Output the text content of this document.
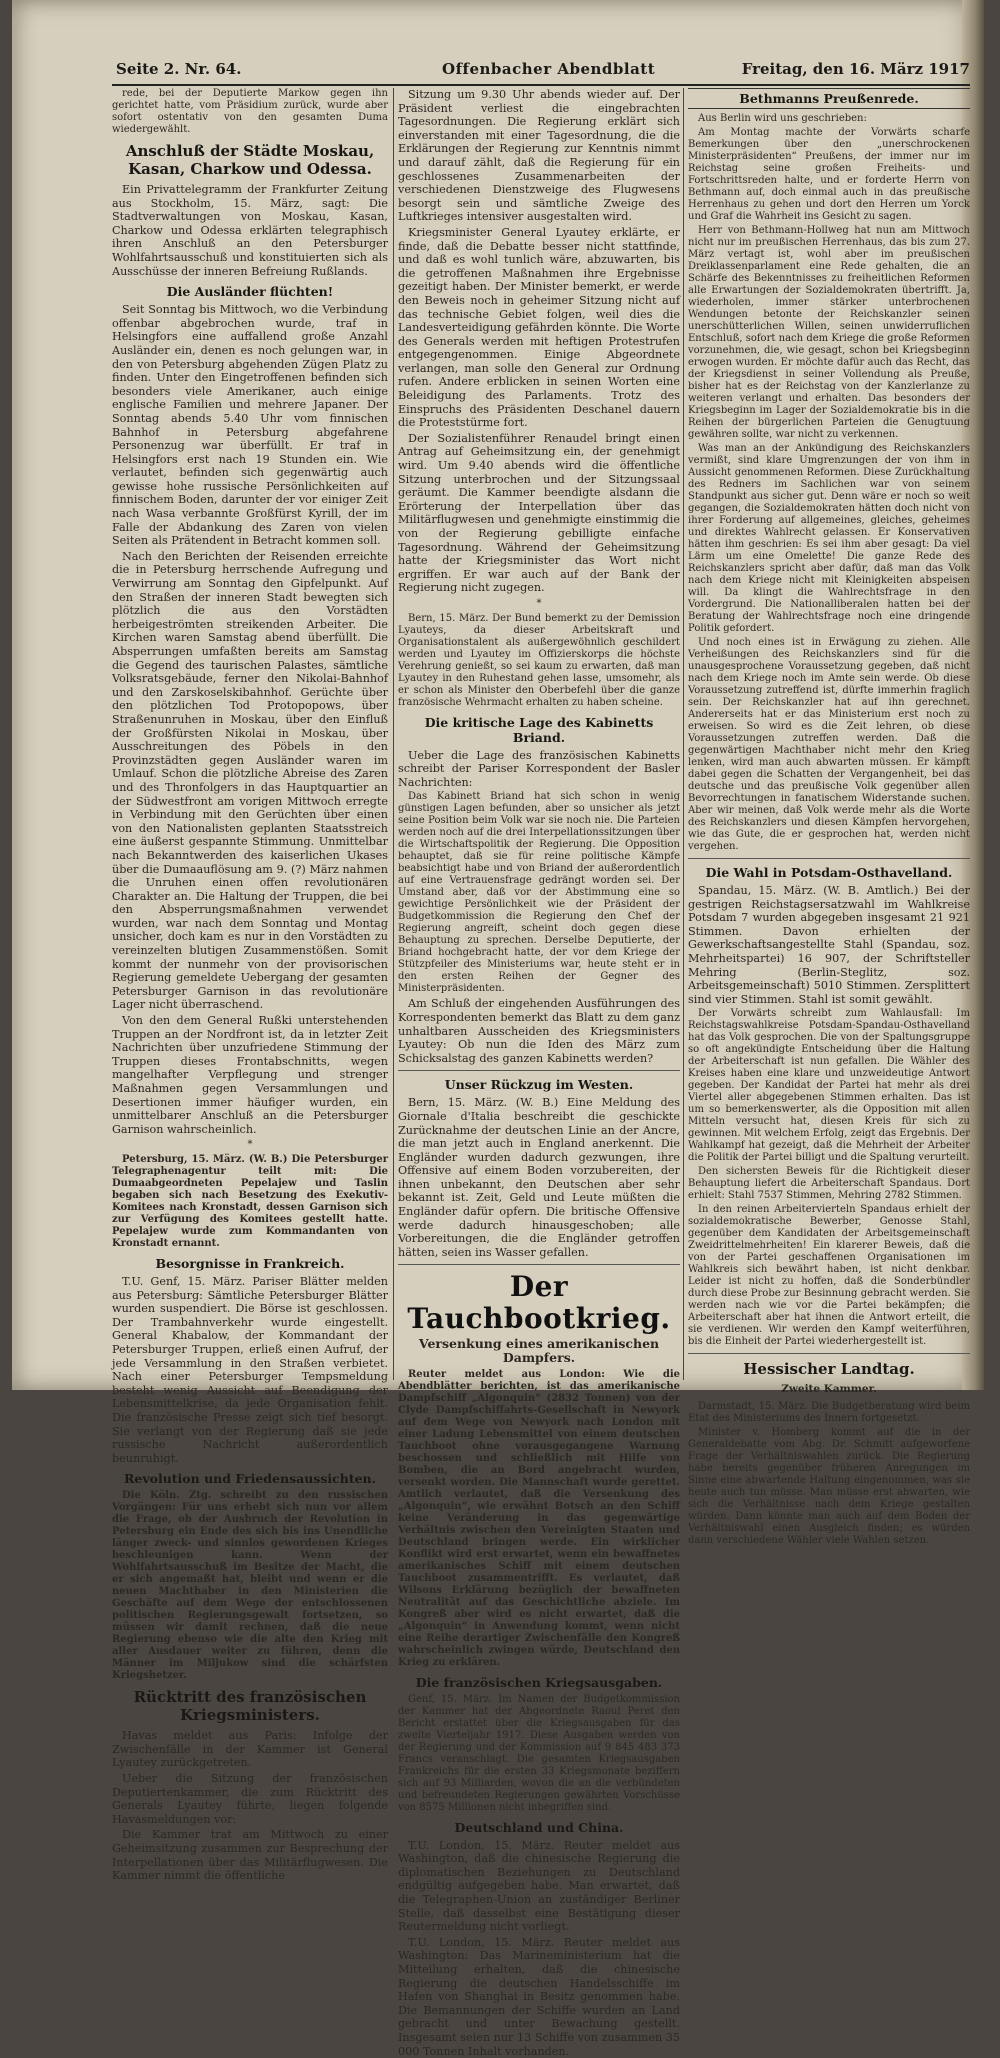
Seite 2. Nr. 64.	Offenbacher Abendblatt	Freitag, den 16. März 1917

rede, bei der Deputierte Markow gegen ihn gerichtet hatte, vom Präsidium zurück, wurde aber sofort ostentativ von den gesamten Duma wiedergewählt.

Anschluß der Städte Moskau, Kasan, Charkow und Odessa.

Ein Privattelegramm der Frankfurter Zeitung aus Stockholm, 15. März, sagt: Die Stadtverwaltungen von Moskau, Kasan, Charkow und Odessa erklärten telegraphisch ihren Anschluß an den Petersburger Wohlfahrtsausschuß und konstituierten sich als Ausschüsse der inneren Befreiung Rußlands.

Die Ausländer flüchten!

Seit Sonntag bis Mittwoch, wo die Verbindung offenbar abgebrochen wurde, traf in Helsingfors eine auffallend große Anzahl Ausländer ein, denen es noch gelungen war, in den von Petersburg abgehenden Zügen Platz zu finden. Unter den Eingetroffenen befinden sich besonders viele Amerikaner, auch einige englische Familien und mehrere Japaner. Der Sonntag abends 5.40 Uhr vom finnischen Bahnhof in Petersburg abgefahrene Personenzug war überfüllt. Er traf in Helsingfors erst nach 19 Stunden ein. Wie verlautet, befinden sich gegenwärtig auch gewisse hohe russische Persönlichkeiten auf finnischem Boden, darunter der vor einiger Zeit nach Wasa verbannte Großfürst Kyrill, der im Falle der Abdankung des Zaren von vielen Seiten als Prätendent in Betracht kommen soll.

Nach den Berichten der Reisenden erreichte die in Petersburg herrschende Aufregung und Verwirrung am Sonntag den Gipfelpunkt. Auf den Straßen der inneren Stadt bewegten sich plötzlich die aus den Vorstädten herbeigeströmten streikenden Arbeiter. Die Kirchen waren Samstag abend überfüllt. Die Absperrungen umfaßten bereits am Samstag die Gegend des taurischen Palastes, sämtliche Volksratsgebäude, ferner den Nikolai-Bahnhof und den Zarskoselskibahnhof. Gerüchte über den plötzlichen Tod Protopopows, über Straßenunruhen in Moskau, über den Einfluß der Großfürsten Nikolai in Moskau, über Ausschreitungen des Pöbels in den Provinzstädten gegen Ausländer waren im Umlauf. Schon die plötzliche Abreise des Zaren und des Thronfolgers in das Hauptquartier an der Südwestfront am vorigen Mittwoch erregte in Verbindung mit den Gerüchten über einen von den Nationalisten geplanten Staatsstreich eine äußerst gespannte Stimmung. Unmittelbar nach Bekanntwerden des kaiserlichen Ukases über die Dumaauflösung am 9. (?) März nahmen die Unruhen einen offen revolutionären Charakter an. Die Haltung der Truppen, die bei den Absperrungsmaßnahmen verwendet wurden, war nach dem Sonntag und Montag unsicher, doch kam es nur in den Vorstädten zu vereinzelten blutigen Zusammenstößen. Somit kommt der nunmehr von der provisorischen Regierung gemeldete Uebergang der gesamten Petersburger Garnison in das revolutionäre Lager nicht überraschend.

Von den dem General Rußki unterstehenden Truppen an der Nordfront ist, da in letzter Zeit Nachrichten über unzufriedene Stimmung der Truppen dieses Frontabschnitts, wegen mangelhafter Verpflegung und strenger Maßnahmen gegen Versammlungen und Desertionen immer häufiger wurden, ein unmittelbarer Anschluß an die Petersburger Garnison wahrscheinlich.

*

Petersburg, 15. März. (W. B.) Die Petersburger Telegraphenagentur teilt mit: Die Dumaabgeordneten Pepelajew und Taslin begaben sich nach Besetzung des Exekutiv-Komitees nach Kronstadt, dessen Garnison sich zur Verfügung des Komitees gestellt hatte. Pepelajew wurde zum Kommandanten von Kronstadt ernannt.

Besorgnisse in Frankreich.

T.U. Genf, 15. März. Pariser Blätter melden aus Petersburg: Sämtliche Petersburger Blätter wurden suspendiert. Die Börse ist geschlossen. Der Trambahnverkehr wurde eingestellt. General Khabalow, der Kommandant der Petersburger Truppen, erließ einen Aufruf, der jede Versammlung in den Straßen verbietet. Nach einer Petersburger Tempsmeldung besteht wenig Aussicht auf Beendigung der Lebensmittelkrise, da jede Organisation fehlt. Die französische Presse zeigt sich tief besorgt. Sie verlangt von der Regierung daß sie jede russische Nachricht außerordentlich beunruhigt.

Revolution und Friedensaussichten.

Die Köln. Ztg. schreibt zu den russischen Vorgängen: Für uns erhebt sich nun vor allem die Frage, ob der Ausbruch der Revolution in Petersburg ein Ende des sich bis ins Unendliche länger zweck- und sinnlos gewordenen Krieges beschleunigen kann. Wenn der Wohlfahrtsausschuß im Besitze der Macht, die er sich angemaßt hat, bleibt und wenn er die neuen Machthaber in den Ministerien die Geschäfte auf dem Wege der entschlossenen politischen Regierungsgewalt fortsetzen, so müssen wir damit rechnen, daß die neue Regierung ebenso wie die alte den Krieg mit aller Ausdauer weiter zu führen, denn die Männer im Miljukow sind die schärfsten Kriegshetzer.

Rücktritt des französischen Kriegsministers.

Havas meldet aus Paris: Infolge der Zwischenfälle in der Kammer ist General Lyautey zurückgetreten.

Ueber die Sitzung der französischen Deputiertenkammer, die zum Rücktritt des Generals Lyautey führte, liegen folgende Havasmeldungen vor:

Die Kammer trat am Mittwoch zu einer Geheimsitzung zusammen zur Besprechung der Interpellationen über das Militärflugwesen. Die Kammer nimmt die öffentliche

Sitzung um 9.30 Uhr abends wieder auf. Der Präsident verliest die eingebrachten Tagesordnungen. Die Regierung erklärt sich einverstanden mit einer Tagesordnung, die die Erklärungen der Regierung zur Kenntnis nimmt und darauf zählt, daß die Regierung für ein geschlossenes Zusammenarbeiten der verschiedenen Dienstzweige des Flugwesens besorgt sein und sämtliche Zweige des Luftkrieges intensiver ausgestalten wird.

Kriegsminister General Lyautey erklärte, er finde, daß die Debatte besser nicht stattfinde, und daß es wohl tunlich wäre, abzuwarten, bis die getroffenen Maßnahmen ihre Ergebnisse gezeitigt haben. Der Minister bemerkt, er werde den Beweis noch in geheimer Sitzung nicht auf das technische Gebiet folgen, weil dies die Landesverteidigung gefährden könnte. Die Worte des Generals werden mit heftigen Protestrufen entgegengenommen. Einige Abgeordnete verlangen, man solle den General zur Ordnung rufen. Andere erblicken in seinen Worten eine Beleidigung des Parlaments. Trotz des Einspruchs des Präsidenten Deschanel dauern die Proteststürme fort.

Der Sozialistenführer Renaudel bringt einen Antrag auf Geheimsitzung ein, der genehmigt wird. Um 9.40 abends wird die öffentliche Sitzung unterbrochen und der Sitzungssaal geräumt. Die Kammer beendigte alsdann die Erörterung der Interpellation über das Militärflugwesen und genehmigte einstimmig die von der Regierung gebilligte einfache Tagesordnung. Während der Geheimsitzung hatte der Kriegsminister das Wort nicht ergriffen. Er war auch auf der Bank der Regierung nicht zugegen.

*

Bern, 15. März. Der Bund bemerkt zu der Demission Lyauteys, da dieser Arbeitskraft und Organisationstalent als außergewöhnlich geschildert werden und Lyautey im Offizierskorps die höchste Verehrung genießt, so sei kaum zu erwarten, daß man Lyautey in den Ruhestand gehen lasse, umsomehr, als er schon als Minister den Oberbefehl über die ganze französische Wehrmacht erhalten zu haben scheine.

Die kritische Lage des Kabinetts Briand.

Ueber die Lage des französischen Kabinetts schreibt der Pariser Korrespondent der Basler Nachrichten:

Das Kabinett Briand hat sich schon in wenig günstigen Lagen befunden, aber so unsicher als jetzt seine Position beim Volk war sie noch nie. Die Parteien werden noch auf die drei Interpellationssitzungen über die Wirtschaftspolitik der Regierung. Die Opposition behauptet, daß sie für reine politische Kämpfe beabsichtigt habe und von Briand der außerordentlich auf eine Vertrauensfrage gedrängt worden sei. Der Umstand aber, daß vor der Abstimmung eine so gewichtige Persönlichkeit wie der Präsident der Budgetkommission die Regierung den Chef der Regierung angreift, scheint doch gegen diese Behauptung zu sprechen. Derselbe Deputierte, der Briand hochgebracht hatte, der vor dem Kriege der Stützpfeiler des Ministeriums war, heute steht er in den ersten Reihen der Gegner des Ministerpräsidenten.

Am Schluß der eingehenden Ausführungen des Korrespondenten bemerkt das Blatt zu dem ganz unhaltbaren Ausscheiden des Kriegsministers Lyautey: Ob nun die Iden des März zum Schicksalstag des ganzen Kabinetts werden?

Unser Rückzug im Westen.

Bern, 15. März. (W. B.) Eine Meldung des Giornale d'Italia beschreibt die geschickte Zurücknahme der deutschen Linie an der Ancre, die man jetzt auch in England anerkennt. Die Engländer wurden dadurch gezwungen, ihre Offensive auf einem Boden vorzubereiten, der ihnen unbekannt, den Deutschen aber sehr bekannt ist. Zeit, Geld und Leute müßten die Engländer dafür opfern. Die britische Offensive werde dadurch hinausgeschoben; alle Vorbereitungen, die die Engländer getroffen hätten, seien ins Wasser gefallen.

Der Tauchbootkrieg.
Versenkung eines amerikanischen Dampfers.

Reuter meldet aus London: Wie die Abendblätter berichten, ist das amerikanische Dampfschiff „Algonquin“ (2832 Tonnen) von der Clyde Dampfschiffahrts-Gesellschaft in Newyork auf dem Wege von Newyork nach London mit einer Ladung Lebensmittel von einem deutschen Tauchboot ohne vorausgegangene Warnung beschossen und schließlich mit Hilfe von Bomben, die an Bord angebracht wurden, versenkt worden. Die Mannschaft wurde gerettet. Amtlich verlautet, daß die Versenkung des „Algonquin“, wie erwähnt Botsch an den Schiff keine Veränderung in das gegenwärtige Verhältnis zwischen den Vereinigten Staaten und Deutschland bringen werde. Ein wirklicher Konflikt wird erst erwartet, wenn ein bewaffnetes amerikanisches Schiff mit einem deutschen Tauchboot zusammentrifft. Es verlautet, daß Wilsons Erklärung bezüglich der bewaffneten Neutralität auf das Geschichtliche abziele. Im Kongreß aber wird es nicht erwartet, daß die „Algonquin“ in Anwendung kommt, wenn nicht eine Reihe derartiger Zwischenfälle den Kongreß wahrscheinlich zwingen würde, Deutschland den Krieg zu erklären.

Die französischen Kriegsausgaben.

Genf, 15. März. Im Namen der Budgetkommission der Kammer hat der Abgeordnete Raoul Peret den Bericht erstattet über die Kriegsausgaben für das zweite Vierteljahr 1917. Diese Ausgaben werden von der Regierung und der Kommission auf 9 845 483 373 Francs veranschlagt. Die gesamten Kriegsausgaben Frankreichs für die ersten 33 Kriegsmonate beziffern sich auf 93 Milliarden, wovon die an die verbündeten und befreundeten Regierungen gewährten Vorschüsse von 8575 Millionen nicht inbegriffen sind.

Deutschland und China.

T.U. London, 15. März. Reuter meldet aus Washington, daß die chinesische Regierung die diplomatischen Beziehungen zu Deutschland endgültig aufgegeben habe. Man erwartet, daß die Telegraphen-Union an zuständiger Berliner Stelle, daß dasselbst eine Bestätigung dieser Reutermeldung nicht vorliegt.

T.U. London, 15. März. Reuter meldet aus Washington: Das Marineministerium hat die Mitteilung erhalten, daß die chinesische Regierung die deutschen Handelsschiffe im Hafen von Shanghai in Besitz genommen habe. Die Bemannungen der Schiffe wurden an Land gebracht und unter Bewachung gestellt. Insgesamt seien nur 13 Schiffe von zusammen 35 000 Tonnen Inhalt vorhanden.

Bethmanns Preußenrede.

Aus Berlin wird uns geschrieben:

Am Montag machte der Vorwärts scharfe Bemerkungen über den „unerschrockenen Ministerpräsidenten“ Preußens, der immer nur im Reichstag seine großen Freiheits- und Fortschrittsreden halte, und er forderte Herrn von Bethmann auf, doch einmal auch in das preußische Herrenhaus zu gehen und dort den Herren um Yorck und Graf die Wahrheit ins Gesicht zu sagen.

Herr von Bethmann-Hollweg hat nun am Mittwoch nicht nur im preußischen Herrenhaus, das bis zum 27. März vertagt ist, wohl aber im preußischen Dreiklassenparlament eine Rede gehalten, die an Schärfe des Bekenntnisses zu freiheitlichen Reformen alle Erwartungen der Sozialdemokraten übertrifft. Ja, wiederholen, immer stärker unterbrochenen Wendungen betonte der Reichskanzler seinen unerschütterlichen Willen, seinen unwiderruflichen Entschluß, sofort nach dem Kriege die große Reformen vorzunehmen, die, wie gesagt, schon bei Kriegsbeginn erwogen wurden. Er möchte dafür auch das Recht, das der Kriegsdienst in seiner Vollendung als Preuße, bisher hat es der Reichstag von der Kanzlerlanze zu weiteren verlangt und erhalten. Das besonders der Kriegsbeginn im Lager der Sozialdemokratie bis in die Reihen der bürgerlichen Parteien die Genugtuung gewähren sollte, war nicht zu verkennen.

Was man an der Ankündigung des Reichskanzlers vermißt, sind klare Umgrenzungen der von ihm in Aussicht genommenen Reformen. Diese Zurückhaltung des Redners im Sachlichen war von seinem Standpunkt aus sicher gut. Denn wäre er noch so weit gegangen, die Sozialdemokraten hätten doch nicht von ihrer Forderung auf allgemeines, gleiches, geheimes und direktes Wahlrecht gelassen. Er Konservativen hätten ihm geschrien: Es sei ihm aber gesagt: Da viel Lärm um eine Omelette! Die ganze Rede des Reichskanzlers spricht aber dafür, daß man das Volk nach dem Kriege nicht mit Kleinigkeiten abspeisen will. Da klingt die Wahlrechtsfrage in den Vordergrund. Die Nationalliberalen hatten bei der Beratung der Wahlrechtsfrage noch eine dringende Politik gefordert.

Und noch eines ist in Erwägung zu ziehen. Alle Verheißungen des Reichskanzlers sind für die unausgesprochene Voraussetzung gegeben, daß nicht nach dem Kriege noch im Amte sein werde. Ob diese Voraussetzung zutreffend ist, dürfte immerhin fraglich sein. Der Reichskanzler hat auf ihn gerechnet. Andererseits hat er das Ministerium erst noch zu erweisen. So wird es die Zeit lehren, ob diese Voraussetzungen zutreffen werden. Daß die gegenwärtigen Machthaber nicht mehr den Krieg lenken, wird man auch abwarten müssen. Er kämpft dabei gegen die Schatten der Vergangenheit, bei das deutsche und das preußische Volk gegenüber allen Bevorrechtungen in fanatischem Widerstande suchen. Aber wir meinen, daß Volk werde mehr als die Worte des Reichskanzlers und diesen Kämpfen hervorgehen, wie das Gute, die er gesprochen hat, werden nicht vergehen.

Die Wahl in Potsdam-Osthavelland.

Spandau, 15. März. (W. B. Amtlich.) Bei der gestrigen Reichstagsersatzwahl im Wahlkreise Potsdam 7 wurden abgegeben insgesamt 21 921 Stimmen. Davon erhielten der Gewerkschaftsangestellte Stahl (Spandau, soz. Mehrheitspartei) 16 907, der Schriftsteller Mehring (Berlin-Steglitz, soz. Arbeitsgemeinschaft) 5010 Stimmen. Zersplittert sind vier Stimmen. Stahl ist somit gewählt.

Der Vorwärts schreibt zum Wahlausfall: Im Reichstagswahlkreise Potsdam-Spandau-Osthavelland hat das Volk gesprochen. Die von der Spaltungsgruppe so oft angekündigte Entscheidung über die Haltung der Arbeiterschaft ist nun gefallen. Die Wähler des Kreises haben eine klare und unzweideutige Antwort gegeben. Der Kandidat der Partei hat mehr als drei Viertel aller abgegebenen Stimmen erhalten. Das ist um so bemerkenswerter, als die Opposition mit allen Mitteln versucht hat, diesen Kreis für sich zu gewinnen. Mit welchem Erfolg, zeigt das Ergebnis. Der Wahlkampf hat gezeigt, daß die Mehrheit der Arbeiter die Politik der Partei billigt und die Spaltung verurteilt.

Den sichersten Beweis für die Richtigkeit dieser Behauptung liefert die Arbeiterschaft Spandaus. Dort erhielt: Stahl 7537 Stimmen, Mehring 2782 Stimmen.

In den reinen Arbeitervierteln Spandaus erhielt der sozialdemokratische Bewerber, Genosse Stahl, gegenüber dem Kandidaten der Arbeitsgemeinschaft Zweidrittelmehrheiten! Ein klarerer Beweis, daß die von der Partei geschaffenen Organisationen im Wahlkreis sich bewährt haben, ist nicht denkbar. Leider ist nicht zu hoffen, daß die Sonderbündler durch diese Probe zur Besinnung gebracht werden. Sie werden nach wie vor die Partei bekämpfen; die Arbeiterschaft aber hat ihnen die Antwort erteilt, die sie verdienen. Wir werden den Kampf weiterführen, bis die Einheit der Partei wiederhergestellt ist.

Hessischer Landtag.
Zweite Kammer.

Darmstadt, 15. März. Die Budgetberatung wird beim Etat des Ministeriums des Innern fortgesetzt.

Minister v. Homberg kommt auf die in der Generaldebatte vom Abg. Dr. Schmitt aufgeworfene Frage der Verhältniswahlen zurück. Die Regierung habe bereits gegenüber früheren Anregungen im Sinne eine abwartende Haltung eingenommen, was sie heute auch tun müsse. Man müsse erst abwarten, wie sich die Verhältnisse nach dem Kriege gestalten würden. Dann könnte man auch auf dem Boden der Verhältniswahl einen Ausgleich finden; es würden dann verschiedene Wähler viele Wahlen setzen.
